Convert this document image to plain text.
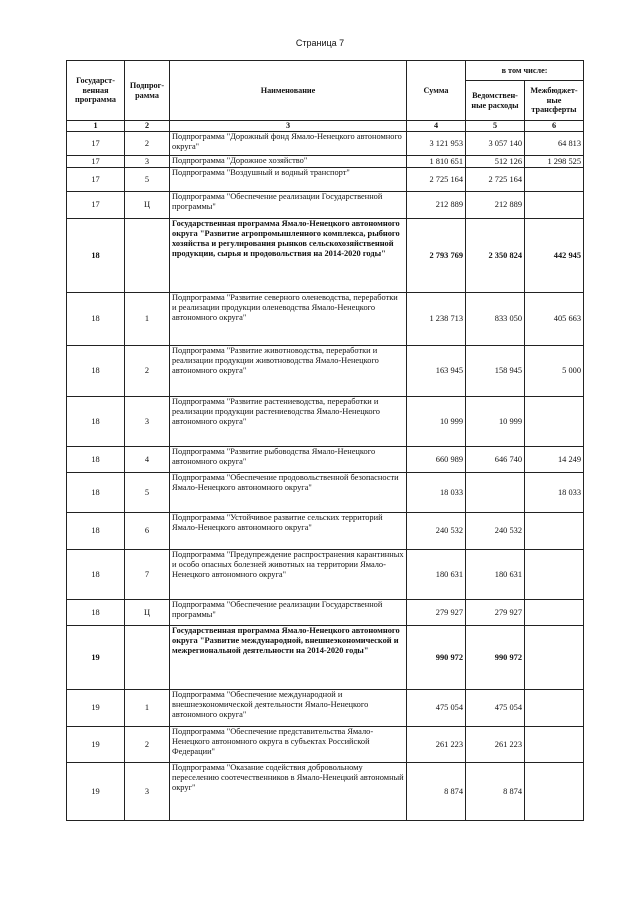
Страница 7
Государст-венная программа	Подпрог-рамма	Наименование	Сумма	в том числе:	
				Ведомствен-ные расходы	Межбюджет-ные трансферты
1	2	3	4	5	6
17	2	Подпрограмма "Дорожный фонд Ямало-Ненецкого автономного округа"	3 121 953	3 057 140	64 813
17	3	Подпрограмма "Дорожное хозяйство"	1 810 651	512 126	1 298 525
17	5	Подпрограмма "Воздушный и водный транспорт"	2 725 164	2 725 164	
17	Ц	Подпрограмма "Обеспечение реализации Государственной программы"	212 889	212 889	
18		Государственная программа Ямало-Ненецкого автономного округа "Развитие агропромышленного комплекса, рыбного хозяйства и регулирования рынков сельскохозяйственной продукции, сырья и продовольствия на 2014-2020 годы"	2 793 769	2 350 824	442 945
18	1	Подпрограмма "Развитие северного оленеводства, переработки и реализации продукции оленеводства Ямало-Ненецкого автономного округа"	1 238 713	833 050	405 663
18	2	Подпрограмма "Развитие животноводства, переработки и реализации продукции животноводства Ямало-Ненецкого автономного округа"	163 945	158 945	5 000
18	3	Подпрограмма "Развитие растениеводства, переработки и реализации продукции растениеводства Ямало-Ненецкого автономного округа"	10 999	10 999	
18	4	Подпрограмма "Развитие рыбоводства Ямало-Ненецкого автономного округа"	660 989	646 740	14 249
18	5	Подпрограмма "Обеспечение продовольственной безопасности Ямало-Ненецкого автономного округа"	18 033		18 033
18	6	Подпрограмма "Устойчивое развитие сельских территорий Ямало-Ненецкого автономного округа"	240 532	240 532	
18	7	Подпрограмма "Предупреждение распространения карантинных и особо опасных болезней животных на территории Ямало-Ненецкого автономного округа"	180 631	180 631	
18	Ц	Подпрограмма "Обеспечение реализации Государственной программы"	279 927	279 927	
19		Государственная программа Ямало-Ненецкого автономного округа "Развитие международной, внешнеэкономической и межрегиональной деятельности на 2014-2020 годы"	990 972	990 972	
19	1	Подпрограмма "Обеспечение международной и внешнеэкономической деятельности Ямало-Ненецкого автономного округа"	475 054	475 054	
19	2	Подпрограмма "Обеспечение представительства Ямало-Ненецкого автономного округа в субъектах Российской Федерации"	261 223	261 223	
19	3	Подпрограмма "Оказание содействия добровольному переселению соотечественников в Ямало-Ненецкий автономный округ"	8 874	8 874	
